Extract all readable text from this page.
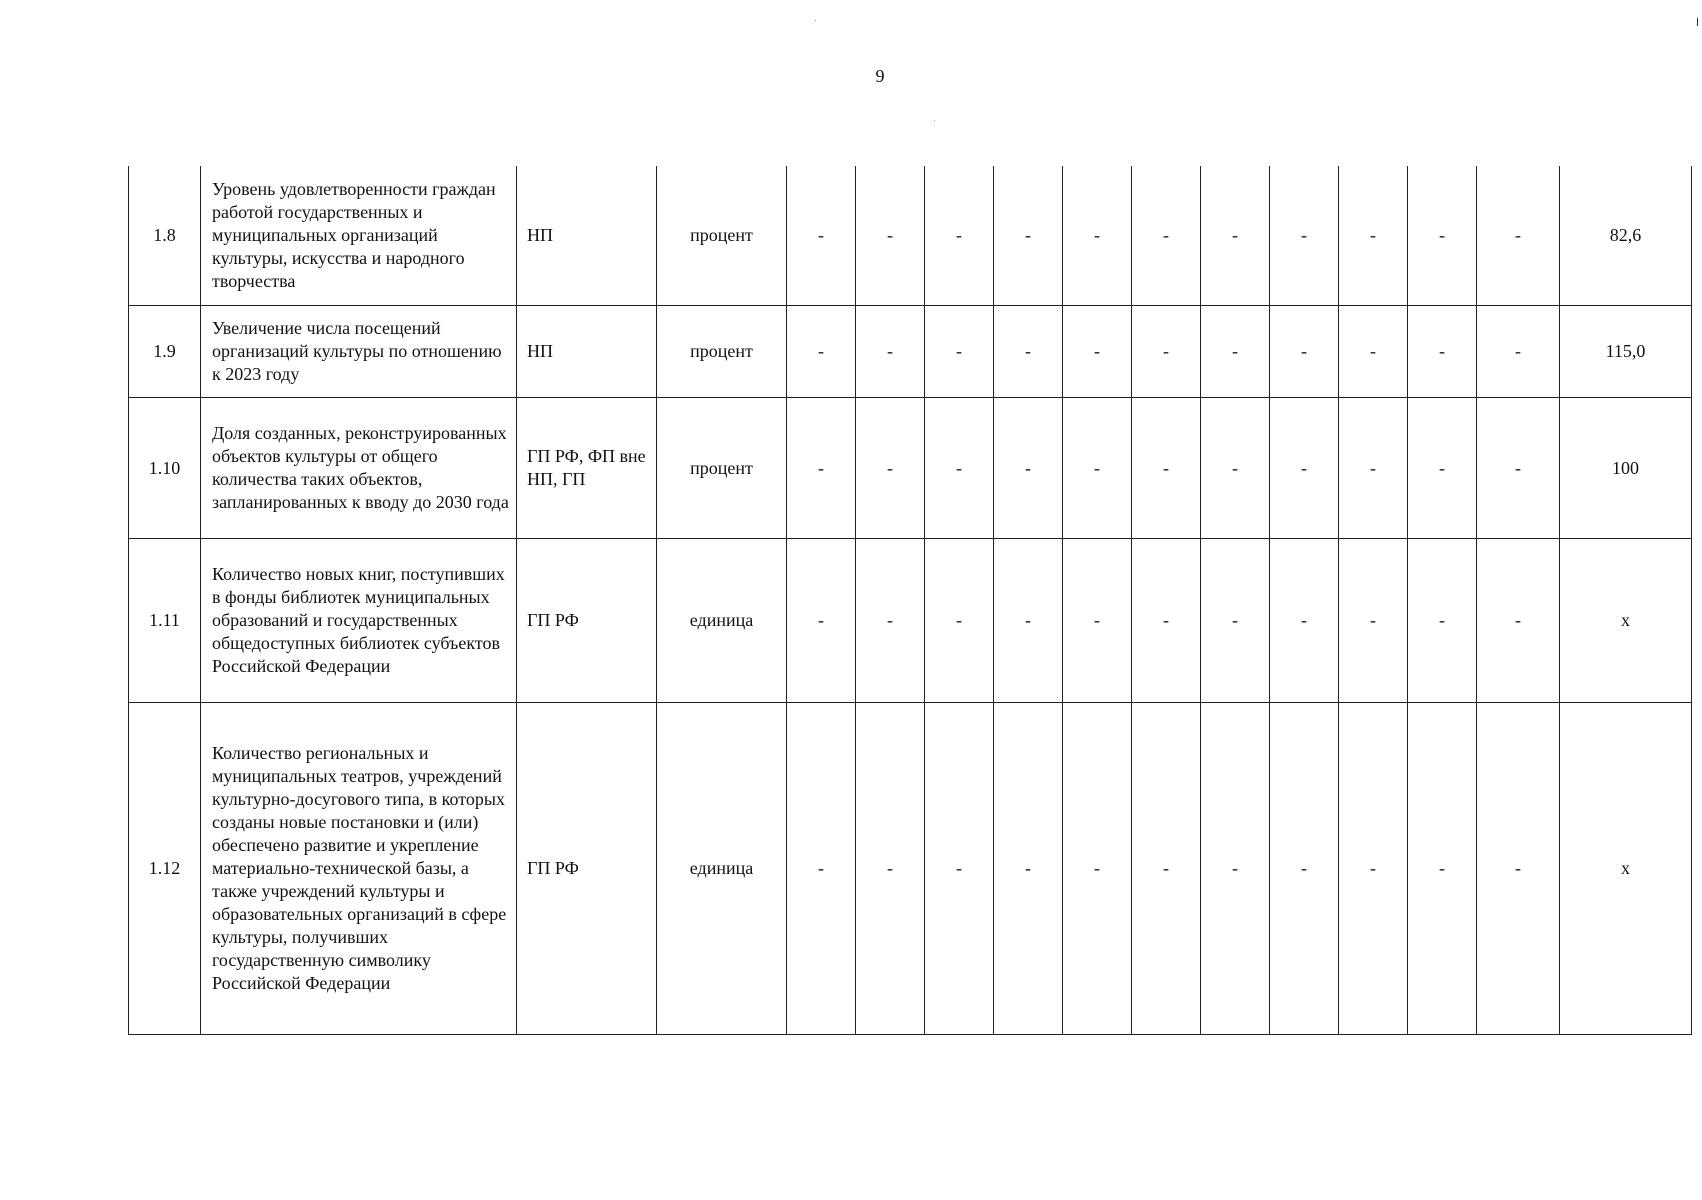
9
1.8	Уровень удовлетворенности граждан работой государственных и муниципальных организаций культуры, искусства и народного творчества	НП	процент	-	-	-	-	-	-	-	-	-	-	-	82,6
1.9	Увеличение числа посещений организаций культуры по отношению к 2023 году	НП	процент	-	-	-	-	-	-	-	-	-	-	-	115,0
1.10	Доля созданных, реконструированных объектов культуры от общего количества таких объектов, запланированных к вводу до 2030 года	ГП РФ, ФП вне НП, ГП	процент	-	-	-	-	-	-	-	-	-	-	-	100
1.11	Количество новых книг, поступивших в фонды библиотек муниципальных образований и государственных общедоступных библиотек субъектов Российской Федерации	ГП РФ	единица	-	-	-	-	-	-	-	-	-	-	-	х
1.12	Количество региональных и муниципальных театров, учреждений культурно-досугового типа, в которых созданы новые постановки и (или) обеспечено развитие и укрепление материально-технической базы, а также учреждений культуры и образовательных организаций в сфере культуры, получивших государственную символику Российской Федерации	ГП РФ	единица	-	-	-	-	-	-	-	-	-	-	-	х
